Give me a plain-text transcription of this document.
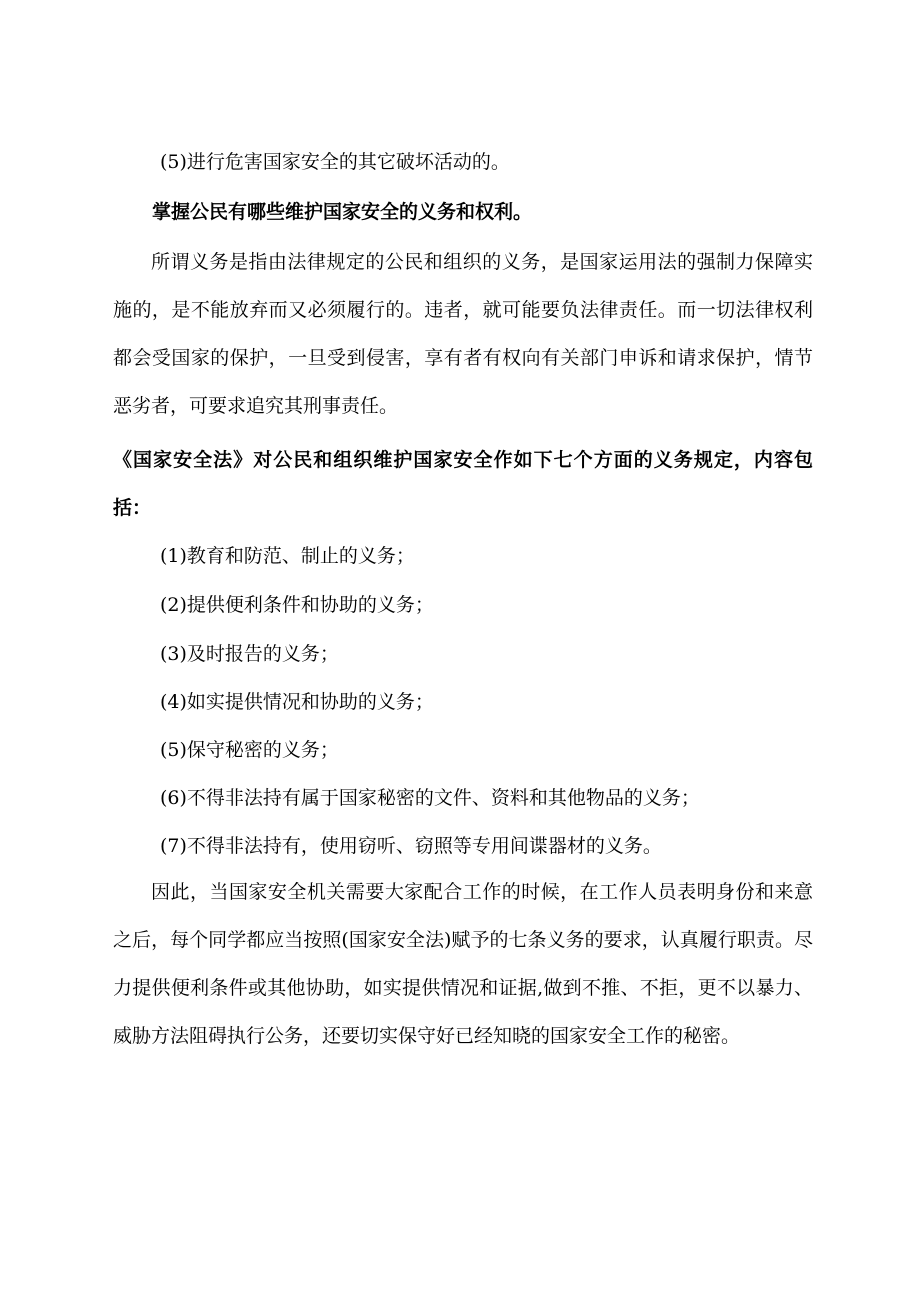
(5)进行危害国家安全的其它破坏活动的。

掌握公民有哪些维护国家安全的义务和权利。

所谓义务是指由法律规定的公民和组织的义务，是国家运用法的强制力保障实施的，是不能放弃而又必须履行的。违者，就可能要负法律责任。而一切法律权利都会受国家的保护，一旦受到侵害，享有者有权向有关部门申诉和请求保护，情节恶劣者，可要求追究其刑事责任。

《国家安全法》对公民和组织维护国家安全作如下七个方面的义务规定，内容包括：

(1)教育和防范、制止的义务；

(2)提供便利条件和协助的义务；

(3)及时报告的义务；

(4)如实提供情况和协助的义务；

(5)保守秘密的义务；

(6)不得非法持有属于国家秘密的文件、资料和其他物品的义务；

(7)不得非法持有，使用窃听、窃照等专用间谍器材的义务。

因此，当国家安全机关需要大家配合工作的时候，在工作人员表明身份和来意之后，每个同学都应当按照(国家安全法)赋予的七条义务的要求，认真履行职责。尽力提供便利条件或其他协助，如实提供情况和证据,做到不推、不拒，更不以暴力、威胁方法阻碍执行公务，还要切实保守好已经知晓的国家安全工作的秘密。
